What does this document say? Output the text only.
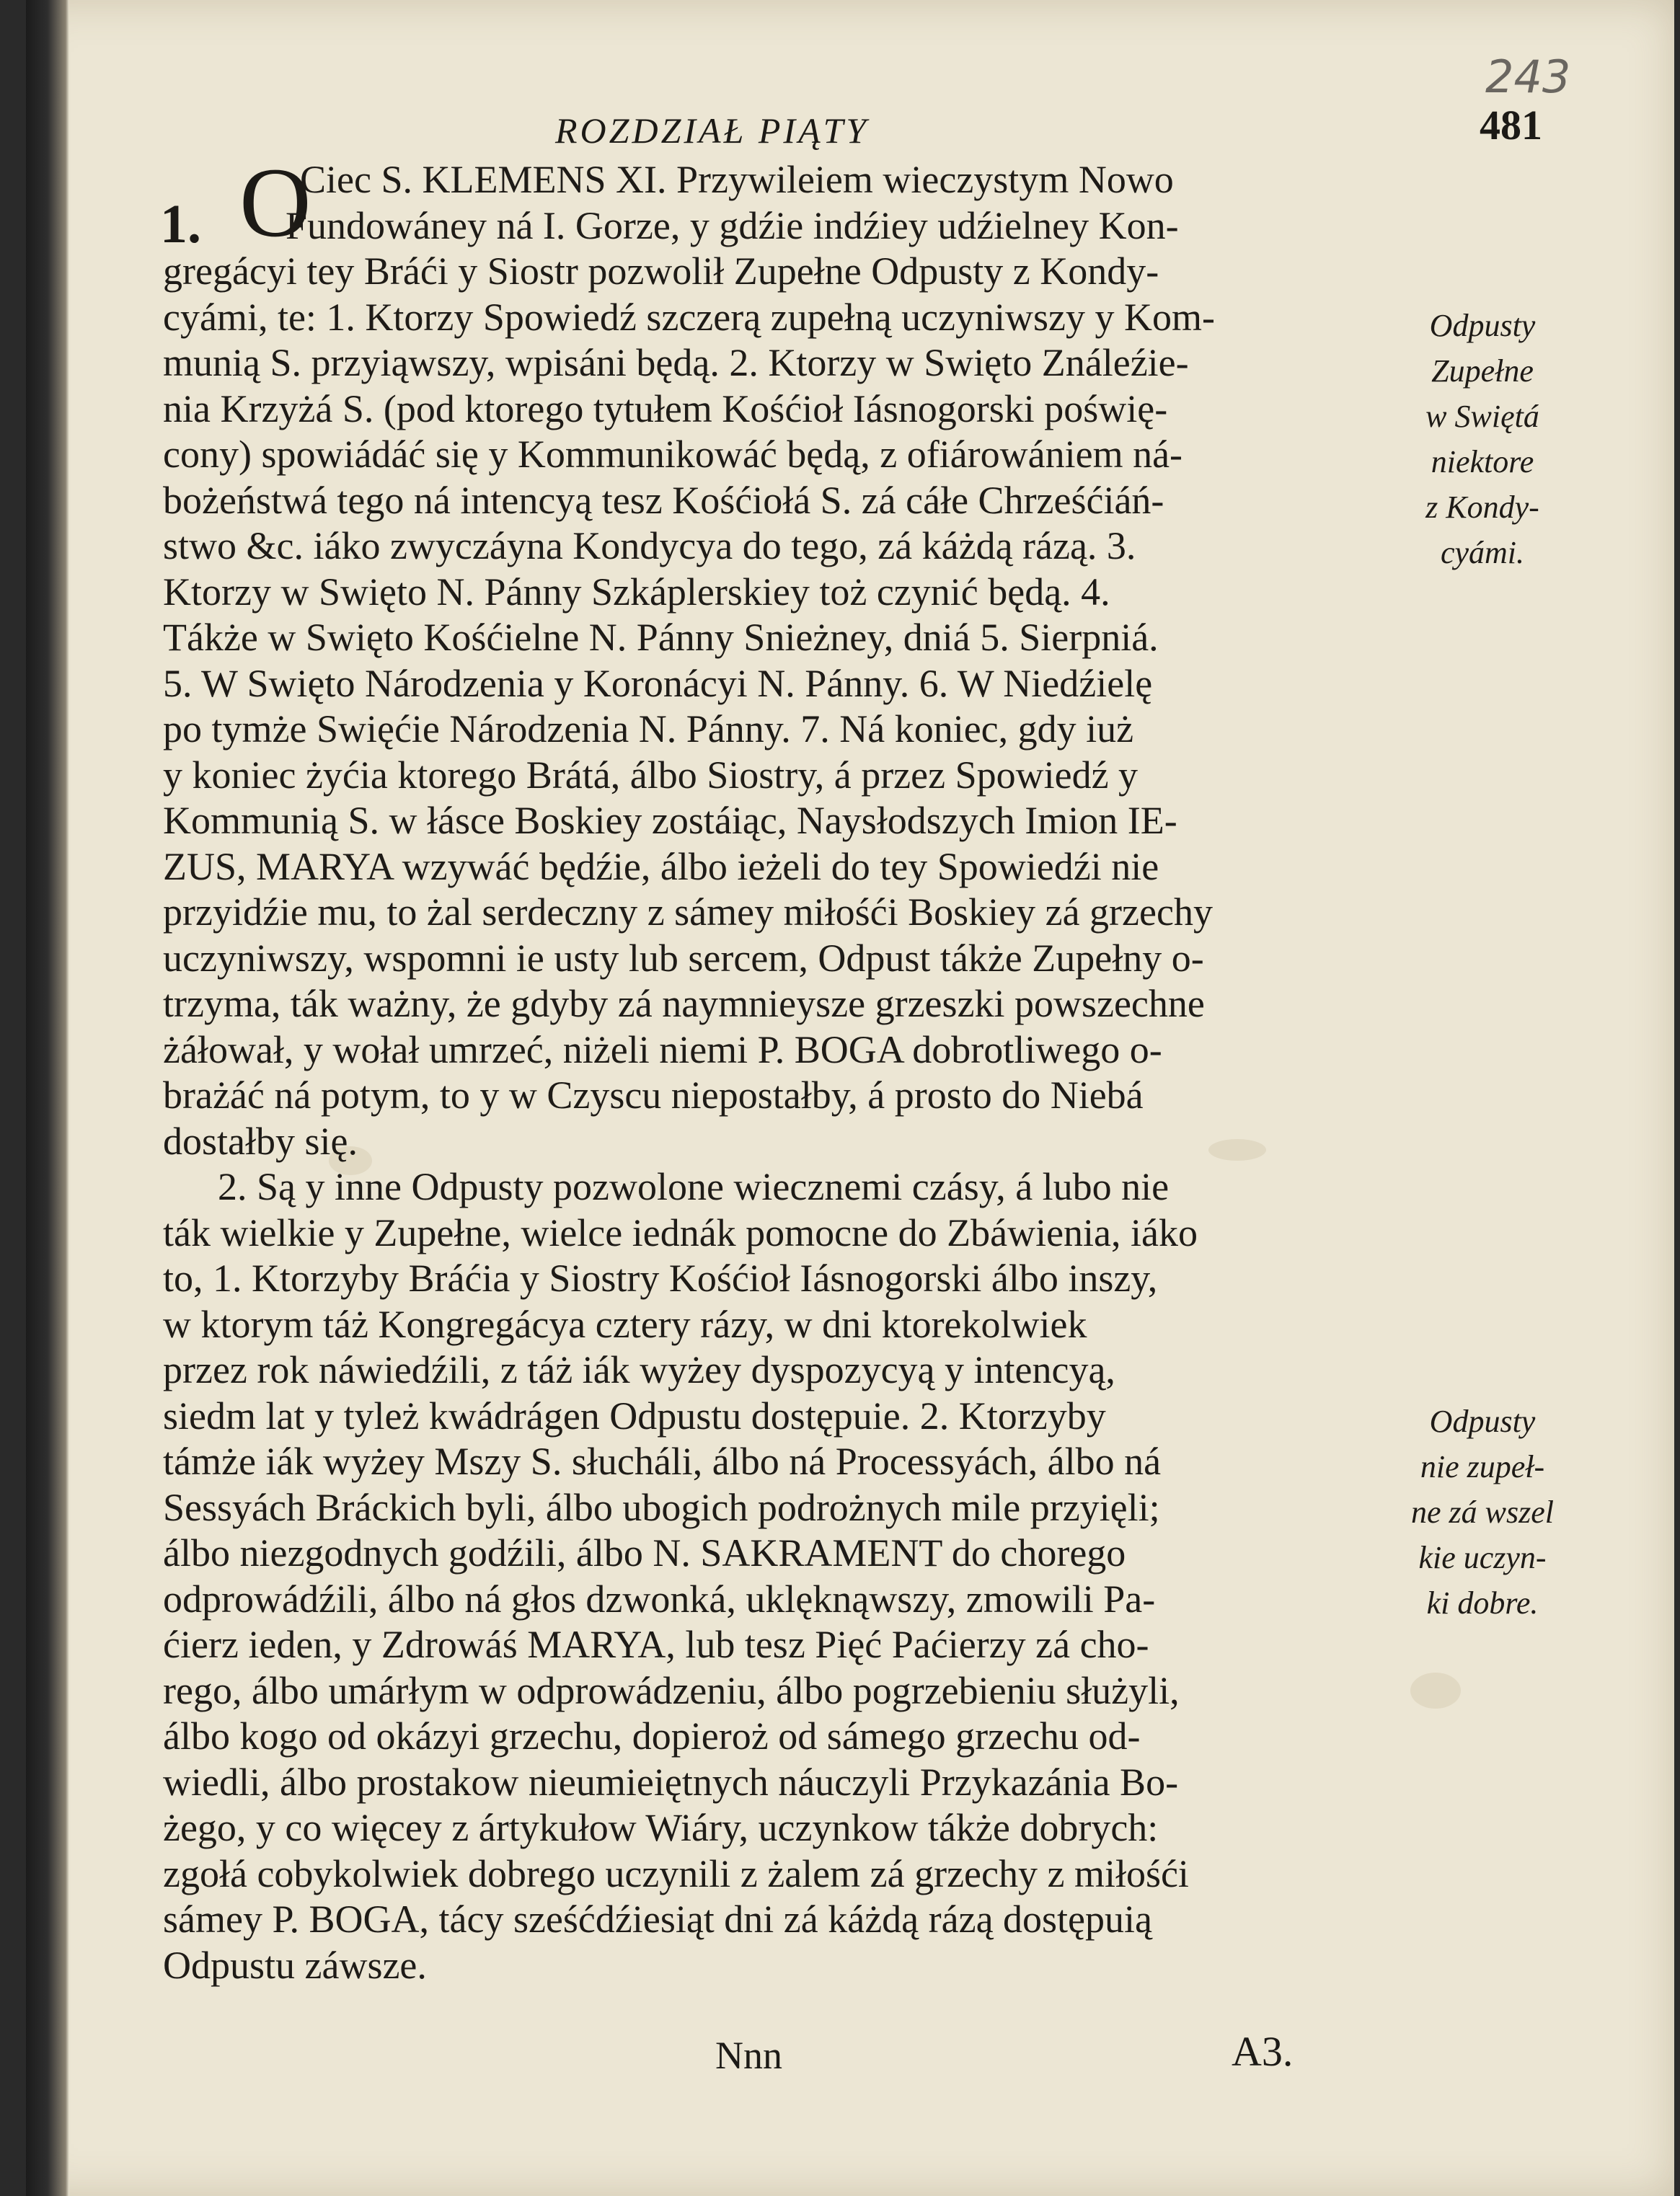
243
481
ROZDZIAŁ PIĄTY
1. O
Ciec S. KLEMENS XI. Przywileiem wieczystym Nowo
Fundowáney ná I. Gorze, y gdźie indźiey udźielney Kon-
gregácyi tey Bráći y Siostr pozwolił Zupełne Odpusty z Kondy-
cyámi, te: 1. Ktorzy Spowiedź szczerą zupełną uczyniwszy y Kom-
munią S. przyiąwszy, wpisáni będą. 2. Ktorzy w Swięto Ználeźie-
nia Krzyżá S. (pod ktorego tytułem Kośćioł Iásnogorski poświę-
cony) spowiádáć się y Kommunikowáć będą, z ofiárowániem ná-
bożeństwá tego ná intencyą tesz Kośćiołá S. zá cáłe Chrześćiáń-
stwo &c. iáko zwyczáyna Kondycya do tego, zá káżdą rázą. 3.
Ktorzy w Swięto N. Pánny Szkáplerskiey toż czynić będą. 4.
Tákże w Swięto Kośćielne N. Pánny Snieżney, dniá 5. Sierpniá.
5. W Swięto Národzenia y Koronácyi N. Pánny. 6. W Niedźielę
po tymże Swięćie Národzenia N. Pánny. 7. Ná koniec, gdy iuż
y koniec żyćia ktorego Brátá, álbo Siostry, á przez Spowiedź y
Kommunią S. w łásce Boskiey zostáiąc, Naysłodszych Imion IE-
ZUS, MARYA wzywáć będźie, álbo ieżeli do tey Spowiedźi nie
przyidźie mu, to żal serdeczny z sámey miłośći Boskiey zá grzechy
uczyniwszy, wspomni ie usty lub sercem, Odpust tákże Zupełny o-
trzyma, ták ważny, że gdyby zá naymnieysze grzeszki powszechne
żáłował, y wołał umrzeć, niżeli niemi P. BOGA dobrotliwego o-
brażáć ná potym, to y w Czyscu niepostałby, á prosto do Niebá
dostałby się.
2. Są y inne Odpusty pozwolone wiecznemi czásy, á lubo nie
ták wielkie y Zupełne, wielce iednák pomocne do Zbáwienia, iáko
to, 1. Ktorzyby Bráćia y Siostry Kośćioł Iásnogorski álbo inszy,
w ktorym táż Kongregácya cztery rázy, w dni ktorekolwiek
przez rok náwiedźili, z táż iák wyżey dyspozycyą y intencyą,
siedm lat y tyleż kwádrágen Odpustu dostępuie. 2. Ktorzyby
támże iák wyżey Mszy S. słucháli, álbo ná Processyách, álbo ná
Sessyách Bráckich byli, álbo ubogich podrożnych mile przyięli;
álbo niezgodnych godźili, álbo N. SAKRAMENT do chorego
odprowádźili, álbo ná głos dzwonká, uklęknąwszy, zmowili Pa-
ćierz ieden, y Zdrowáś MARYA, lub tesz Pięć Paćierzy zá cho-
rego, álbo umárłym w odprowádzeniu, álbo pogrzebieniu służyli,
álbo kogo od okázyi grzechu, dopieroż od sámego grzechu od-
wiedli, álbo prostakow nieumieiętnych náuczyli Przykazánia Bo-
żego, y co więcey z ártykułow Wiáry, uczynkow tákże dobrych:
zgołá cobykolwiek dobrego uczynili z żalem zá grzechy z miłośći
sámey P. BOGA, tácy sześćdźiesiąt dni zá káżdą rázą dostępuią
Odpustu záwsze.
Odpusty
Zupełne
w Swiętá
niektore
z Kondy-
cyámi.
Odpusty
nie zupeł-
ne zá wszel
kie uczyn-
ki dobre.
Nnn	A3.
